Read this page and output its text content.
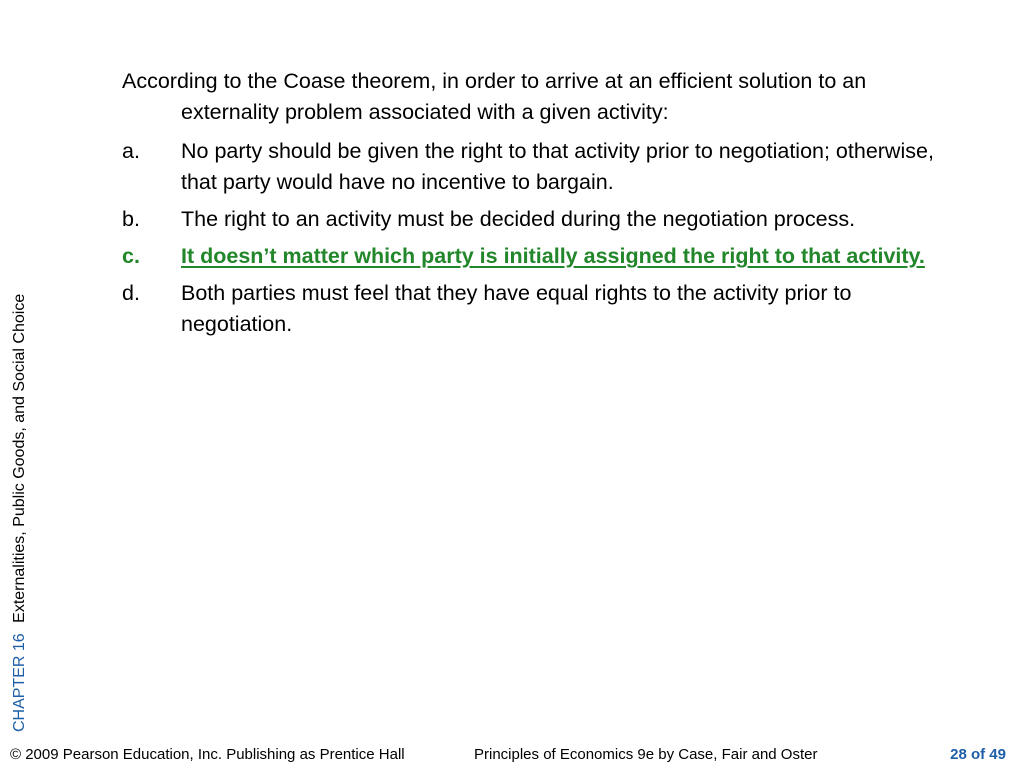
CHAPTER 16 Externalities, Public Goods, and Social Choice

According to the Coase theorem, in order to arrive at an efficient solution to an externality problem associated with a given activity:

a. No party should be given the right to that activity prior to negotiation; otherwise, that party would have no incentive to bargain.
b. The right to an activity must be decided during the negotiation process.
c. It doesn’t matter which party is initially assigned the right to that activity.
d. Both parties must feel that they have equal rights to the activity prior to negotiation.
© 2009 Pearson Education, Inc. Publishing as Prentice Hall	Principles of Economics 9e by Case, Fair and Oster	28 of 49
